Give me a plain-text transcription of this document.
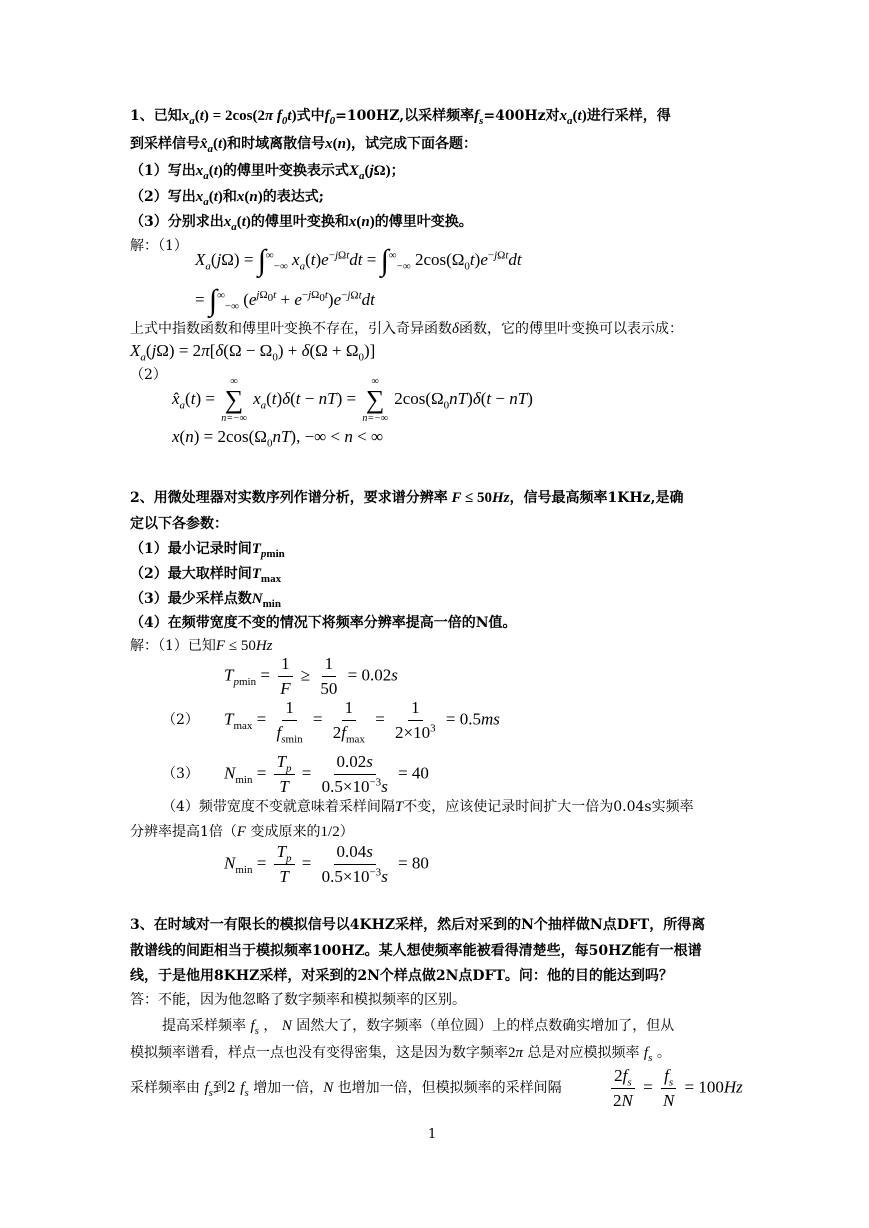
1、已知$x_a(t) = 2\cos(2\pi$ $f_0t$)式中$f_0=100HZ$,以采样频率$f_s=400Hz$对$x_a(t)$进行采样，得
到采样信号$x̂_a(t)$和时域离散信号x(n)，试完成下面各题：
（1）写出$x_a(t)$的傅里叶变换表示式$X_a(j\Omega)$；
（2）写出$x_a(t)$和x(n)的表达式;
（3）分别求出$x_a(t)$的傅里叶变换和x(n)的傅里叶变换。
解：（1）
$X_a(j\Omega) = \int^\infty_{-\infty}$ $x_a(t)e^{-j\Omega t}dt = \int^\infty_{-\infty}$ $2\cos(\Omega_0t)e^{-j\Omega t}dt$
= $\int^\infty_{-\infty}$ $(e^{j\Omega_0t} + e^{-j\Omega_0t})e^{-j\Omega t}dt$
上式中指数函数和傅里叶变换不存在，引入奇异函数δ函数，它的傅里叶变换可以表示成：
$X_a(j\Omega) = 2\pi[\delta(\Omega - \Omega_0) + \delta(\Omega + \Omega_0)]$
（2）
$x̂_a(t)$ =
∞
∑
n=−∞
$x_a(t)\delta(t - nT)$ =
∞
∑
n=−∞
$2\cos(\Omega_0nT)\delta(t - nT)$
$x(n) = 2\cos(\Omega_0nT)$, −∞ < n < ∞
2、用微处理器对实数序列作谱分析，要求谱分辨率 F ≤ 50Hz，信号最高频率1KHz,是确
定以下各参数：
（1）最小记录时间$T_{pmin}$
（2）最大取样时间$T_{max}$
（3）最少采样点数$N_{min}$
（4）在频带宽度不变的情况下将频率分辨率提高一倍的N值。
解：（1）已知F ≤ 50Hz
$T_{pmin} = \frac{1}{F} \ge \frac{1}{50} = 0.02s$
（2） $T_{max} = \frac{1}{f_{smin}} = \frac{1}{2f_{max}} = \frac{1}{2\times 10^3} = 0.5ms$
（3） $N_{min} = \frac{T_p}{T} = \frac{0.02s}{0.5\times 10^{-3}s} = 40$
（4）频带宽度不变就意味着采样间隔T不变，应该使记录时间扩大一倍为0.04s实频率
分辨率提高1倍（F 变成原来的1/2）
$N_{min} = \frac{T_p}{T} = \frac{0.04s}{0.5\times 10^{-3}s} = 80$
3、在时域对一有限长的模拟信号以4KHZ采样，然后对采到的N个抽样做N点DFT，所得离
散谱线的间距相当于模拟频率100HZ。某人想使频率能被看得清楚些，每50HZ能有一根谱
线，于是他用8KHZ采样，对采到的2N个样点做2N点DFT。问：他的目的能达到吗？
答：不能，因为他忽略了数字频率和模拟频率的区别。
提高采样频率 $f_s$ ， N 固然大了，数字频率（单位圆）上的样点数确实增加了，但从
模拟频率谱看，样点一点也没有变得密集，这是因为数字频率2π 总是对应模拟频率 $f_s$ 。
采样频率由 $f_s$到2 $f_s$ 增加一倍，N 也增加一倍，但模拟频率的采样间隔	$\frac{2f_s}{2N} = \frac{f_s}{N} = 100Hz$
1
